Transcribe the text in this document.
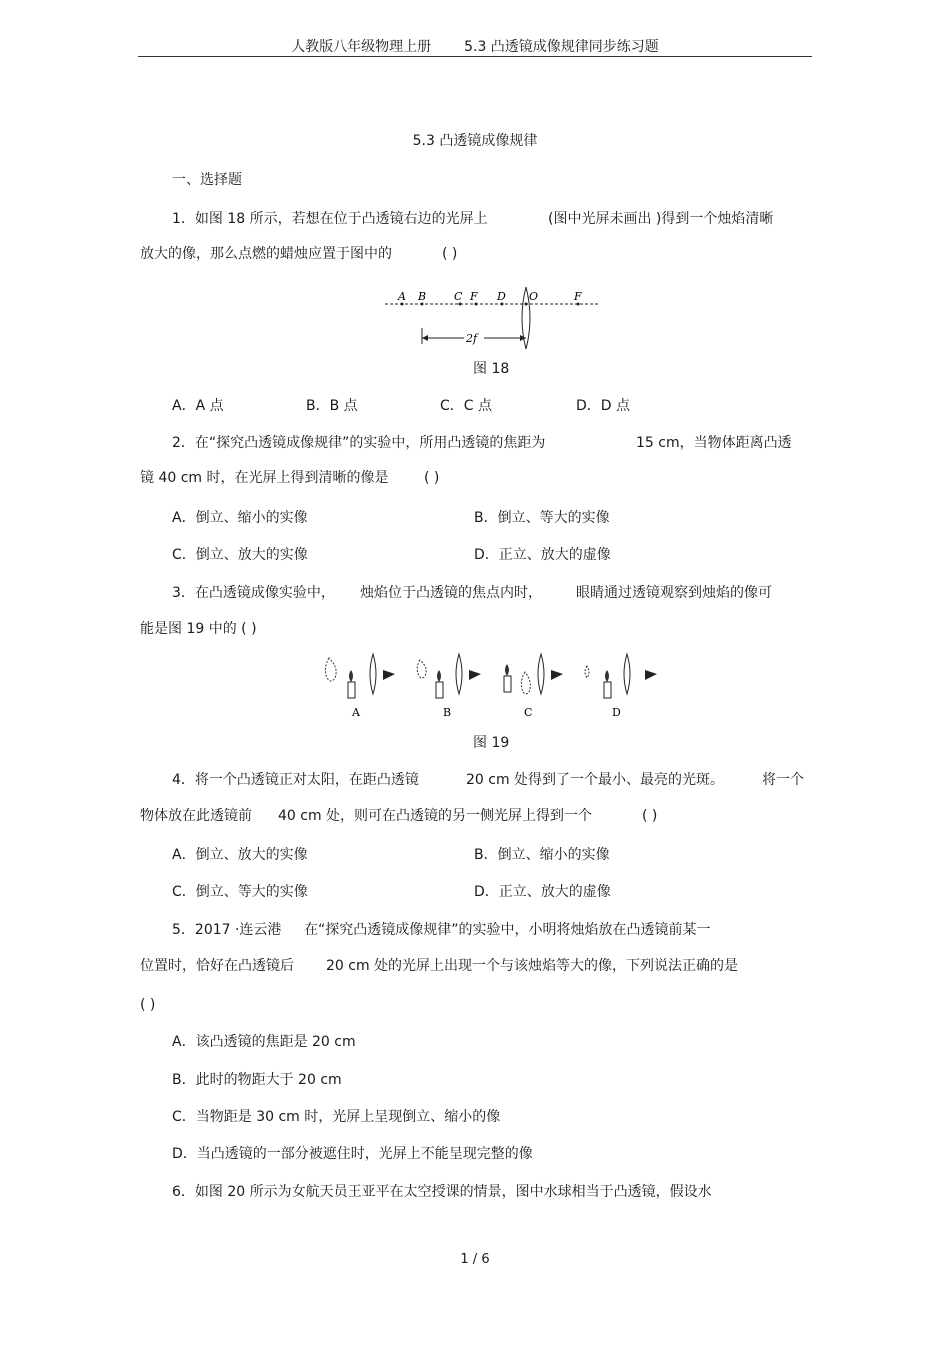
人教版八年级物理上册 5.3 凸透镜成像规律同步练习题
5.3 凸透镜成像规律
一、选择题
1．如图 18 所示，若想在位于凸透镜右边的光屏上	(图中光屏未画出 )得到一个烛焰清晰
放大的像，那么点燃的蜡烛应置于图中的	( )
A B	C F D O	F
2f
图 18
A．A 点	B．B 点	C．C 点	D．D 点
2．在“探究凸透镜成像规律”的实验中，所用凸透镜的焦距为	15 cm，当物体距离凸透
镜 40 cm 时，在光屏上得到清晰的像是	( )
A．倒立、缩小的实像	B．倒立、等大的实像
C．倒立、放大的实像	D．正立、放大的虚像
3．在凸透镜成像实验中， 烛焰位于凸透镜的焦点内时， 眼睛通过透镜观察到烛焰的像可
能是图 19 中的 ( )
A	B	C	D
图 19
4．将一个凸透镜正对太阳，在距凸透镜	20 cm 处得到了一个最小、最亮的光斑。	将一个
物体放在此透镜前 40 cm 处，则可在凸透镜的另一侧光屏上得到一个	( )
A．倒立、放大的实像	B．倒立、缩小的实像
C．倒立、等大的实像	D．正立、放大的虚像
5．2017 ·连云港 在“探究凸透镜成像规律”的实验中，小明将烛焰放在凸透镜前某一
位置时，恰好在凸透镜后 20 cm 处的光屏上出现一个与该烛焰等大的像，下列说法正确的是
( )
A．该凸透镜的焦距是 20 cm
B．此时的物距大于 20 cm
C．当物距是 30 cm 时，光屏上呈现倒立、缩小的像
D．当凸透镜的一部分被遮住时，光屏上不能呈现完整的像
6．如图 20 所示为女航天员王亚平在太空授课的情景，图中水球相当于凸透镜，假设水
1 / 6
